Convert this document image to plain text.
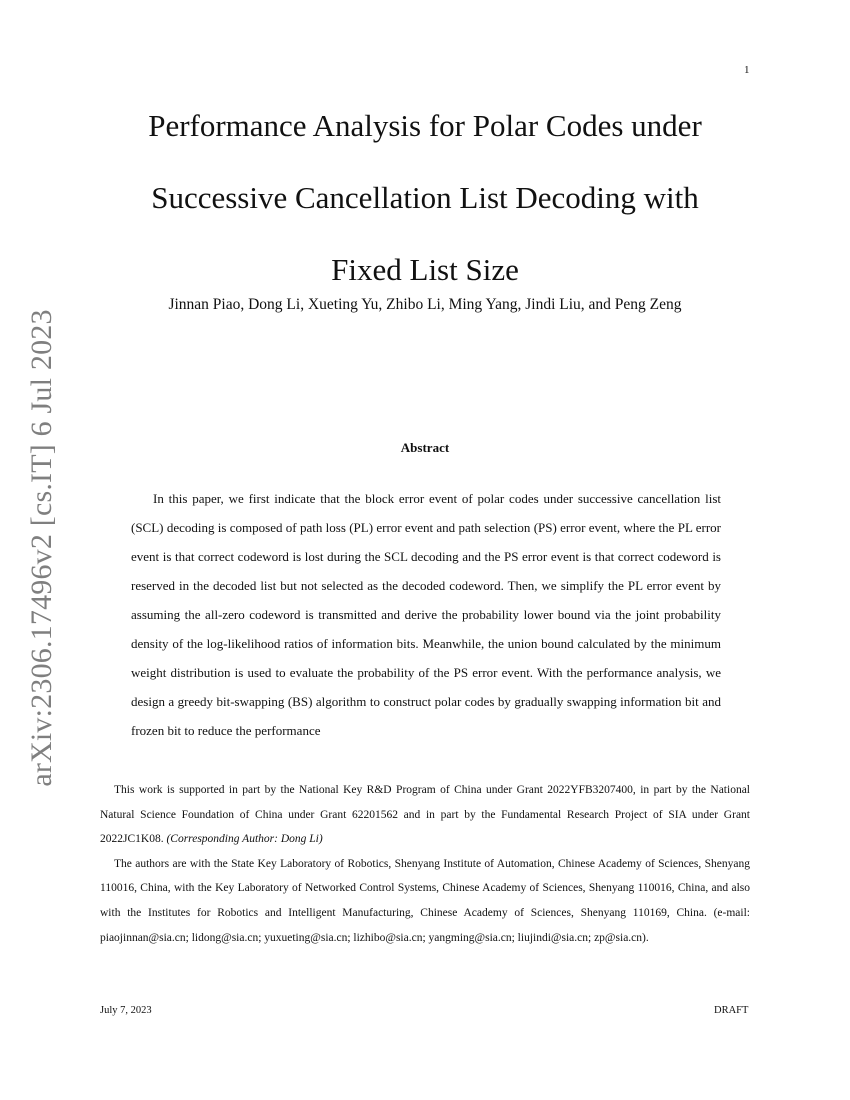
1
arXiv:2306.17496v2 [cs.IT] 6 Jul 2023
Performance Analysis for Polar Codes under
Successive Cancellation List Decoding with
Fixed List Size
Jinnan Piao, Dong Li, Xueting Yu, Zhibo Li, Ming Yang, Jindi Liu, and Peng Zeng
Abstract

In this paper, we first indicate that the block error event of polar codes under successive cancellation list (SCL) decoding is composed of path loss (PL) error event and path selection (PS) error event, where the PL error event is that correct codeword is lost during the SCL decoding and the PS error event is that correct codeword is reserved in the decoded list but not selected as the decoded codeword. Then, we simplify the PL error event by assuming the all-zero codeword is transmitted and derive the probability lower bound via the joint probability density of the log-likelihood ratios of information bits. Meanwhile, the union bound calculated by the minimum weight distribution is used to evaluate the probability of the PS error event. With the performance analysis, we design a greedy bit-swapping (BS) algorithm to construct polar codes by gradually swapping information bit and frozen bit to reduce the performance

This work is supported in part by the National Key R&D Program of China under Grant 2022YFB3207400, in part by the National Natural Science Foundation of China under Grant 62201562 and in part by the Fundamental Research Project of SIA under Grant 2022JC1K08. (Corresponding Author: Dong Li)

The authors are with the State Key Laboratory of Robotics, Shenyang Institute of Automation, Chinese Academy of Sciences, Shenyang 110016, China, with the Key Laboratory of Networked Control Systems, Chinese Academy of Sciences, Shenyang 110016, China, and also with the Institutes for Robotics and Intelligent Manufacturing, Chinese Academy of Sciences, Shenyang 110169, China. (e-mail: piaojinnan@sia.cn; lidong@sia.cn; yuxueting@sia.cn; lizhibo@sia.cn; yangming@sia.cn; liujindi@sia.cn; zp@sia.cn).

July 7, 2023	DRAFT
